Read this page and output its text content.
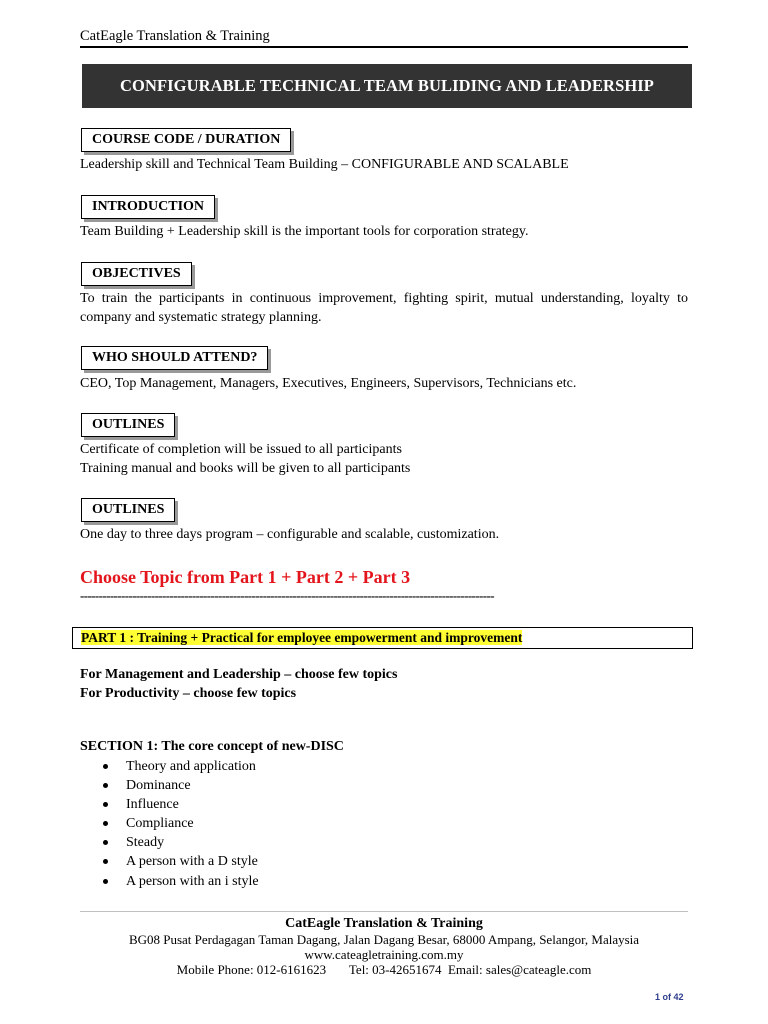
CatEagle Translation & Training
CONFIGURABLE TECHNICAL TEAM BULIDING AND LEADERSHIP
COURSE CODE / DURATION
Leadership skill and Technical Team Building – CONFIGURABLE AND SCALABLE
INTRODUCTION
Team Building + Leadership skill is the important tools for corporation strategy.
OBJECTIVES
To train the participants in continuous improvement, fighting spirit, mutual understanding, loyalty to company and systematic strategy planning.
WHO SHOULD ATTEND?
CEO, Top Management, Managers, Executives, Engineers, Supervisors, Technicians etc.
OUTLINES
Certificate of completion will be issued to all participants
Training manual and books will be given to all participants
OUTLINES
One day to three days program – configurable and scalable, customization.
Choose Topic from Part 1 + Part 2 + Part 3
---------------------------------------------------------------------------------------------------------------
PART 1 : Training + Practical for employee empowerment and improvement
For Management and Leadership – choose few topics
For Productivity – choose few topics
SECTION 1: The core concept of new-DISC
Theory and application
Dominance
Influence
Compliance
Steady
A person with a D style
A person with an i style
CatEagle Translation & Training
BG08 Pusat Perdagagan Taman Dagang, Jalan Dagang Besar, 68000 Ampang, Selangor, Malaysia
www.cateagletraining.com.my
Mobile Phone: 012-6161623       Tel: 03-42651674  Email: sales@cateagle.com
1 of 42
